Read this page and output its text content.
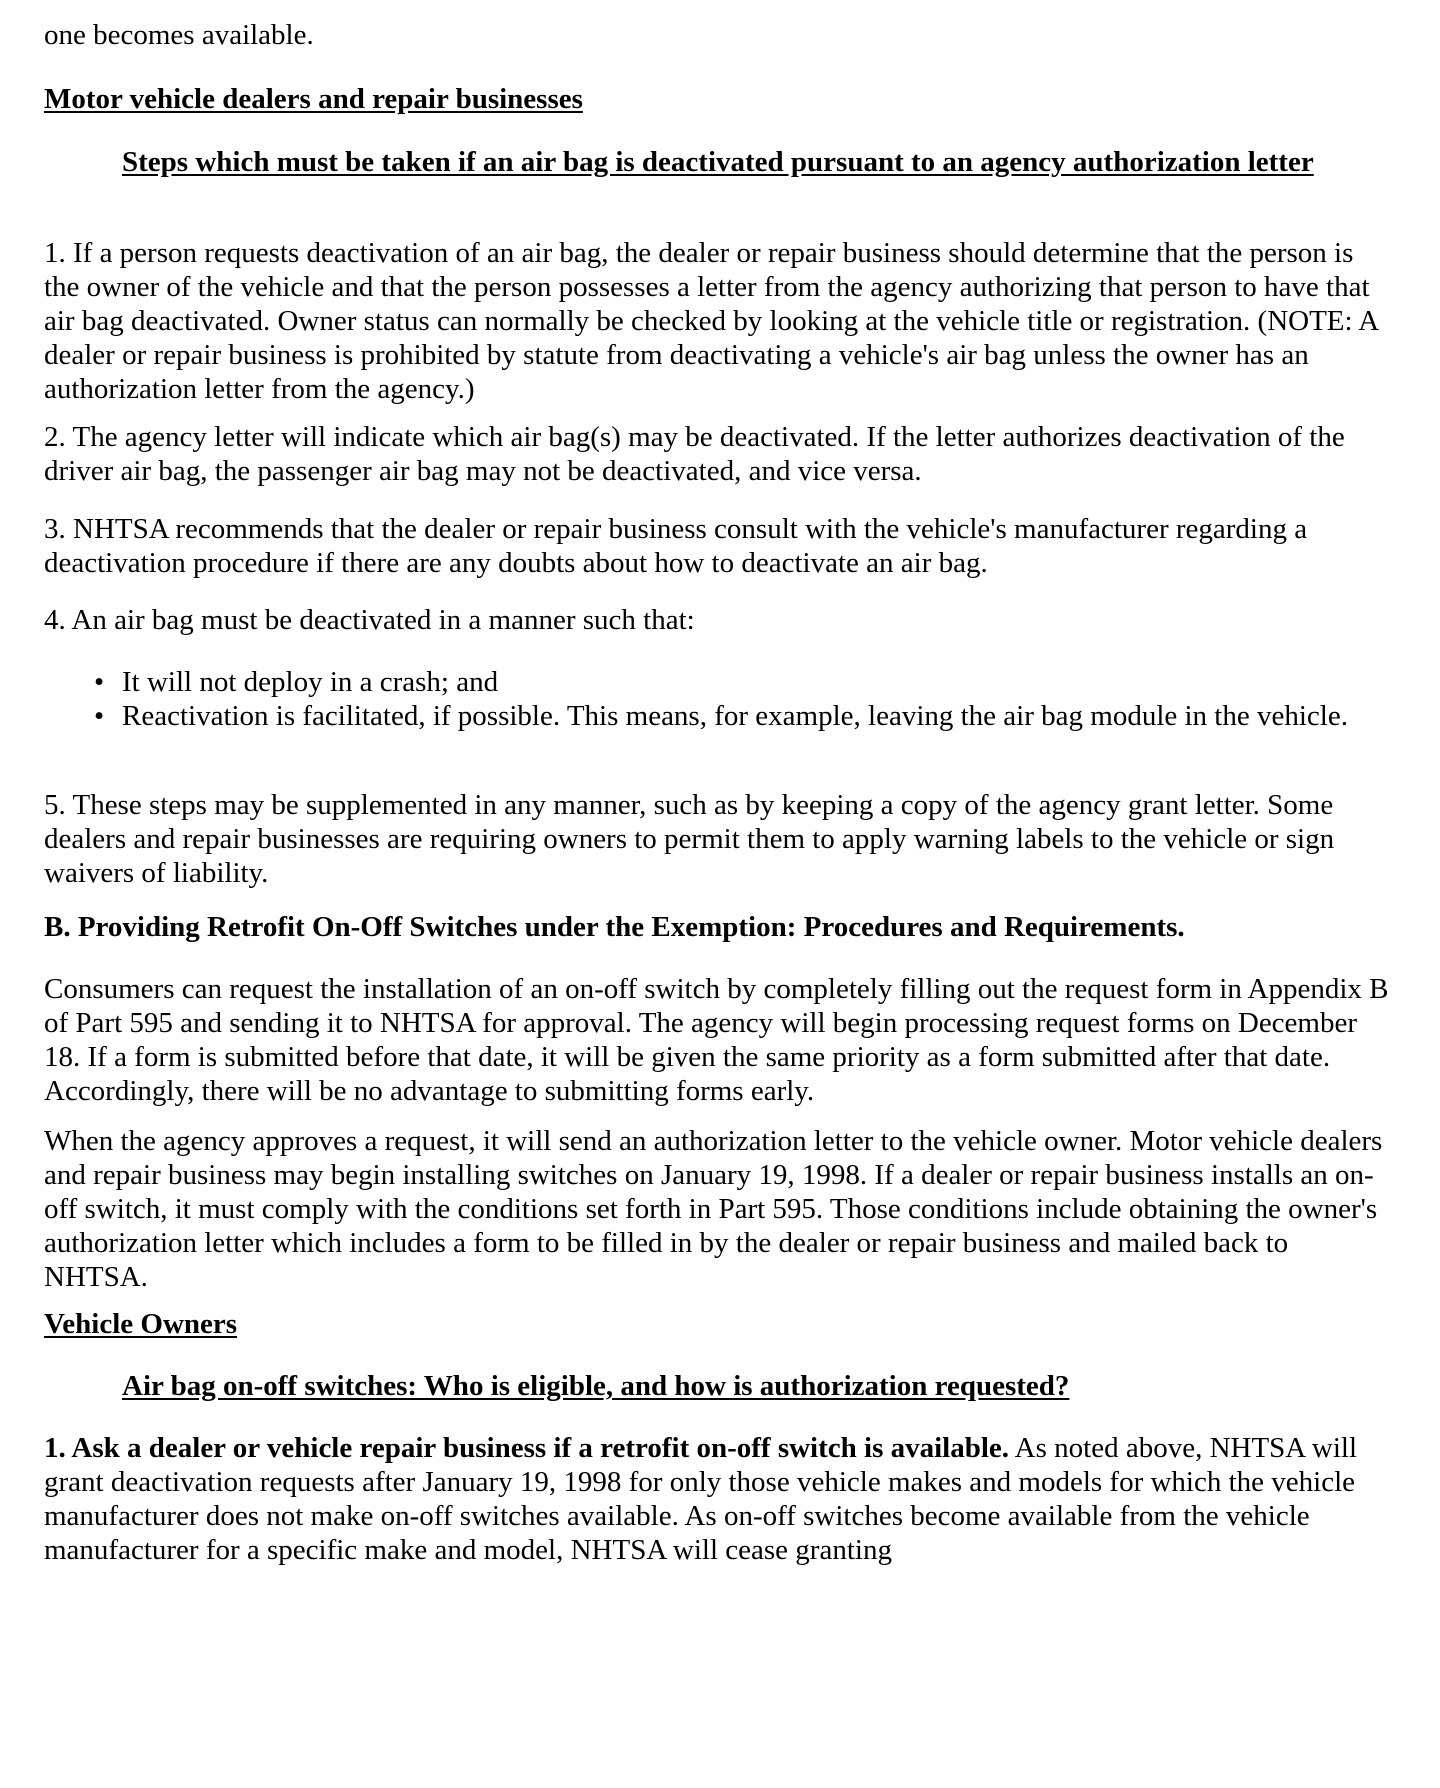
one becomes available.

Motor vehicle dealers and repair businesses

Steps which must be taken if an air bag is deactivated pursuant to an agency authorization letter

1. If a person requests deactivation of an air bag, the dealer or repair business should determine that the person is the owner of the vehicle and that the person possesses a letter from the agency authorizing that person to have that air bag deactivated. Owner status can normally be checked by looking at the vehicle title or registration. (NOTE: A dealer or repair business is prohibited by statute from deactivating a vehicle's air bag unless the owner has an authorization letter from the agency.)

2. The agency letter will indicate which air bag(s) may be deactivated. If the letter authorizes deactivation of the driver air bag, the passenger air bag may not be deactivated, and vice versa.

3. NHTSA recommends that the dealer or repair business consult with the vehicle's manufacturer regarding a deactivation procedure if there are any doubts about how to deactivate an air bag.

4. An air bag must be deactivated in a manner such that:

• It will not deploy in a crash; and
• Reactivation is facilitated, if possible. This means, for example, leaving the air bag module in the vehicle.

5. These steps may be supplemented in any manner, such as by keeping a copy of the agency grant letter. Some dealers and repair businesses are requiring owners to permit them to apply warning labels to the vehicle or sign waivers of liability.

B. Providing Retrofit On-Off Switches under the Exemption: Procedures and Requirements.

Consumers can request the installation of an on-off switch by completely filling out the request form in Appendix B of Part 595 and sending it to NHTSA for approval. The agency will begin processing request forms on December 18. If a form is submitted before that date, it will be given the same priority as a form submitted after that date. Accordingly, there will be no advantage to submitting forms early.

When the agency approves a request, it will send an authorization letter to the vehicle owner. Motor vehicle dealers and repair business may begin installing switches on January 19, 1998. If a dealer or repair business installs an on-off switch, it must comply with the conditions set forth in Part 595. Those conditions include obtaining the owner's authorization letter which includes a form to be filled in by the dealer or repair business and mailed back to NHTSA.

Vehicle Owners

Air bag on-off switches: Who is eligible, and how is authorization requested?

1. Ask a dealer or vehicle repair business if a retrofit on-off switch is available. As noted above, NHTSA will grant deactivation requests after January 19, 1998 for only those vehicle makes and models for which the vehicle manufacturer does not make on-off switches available. As on-off switches become available from the vehicle manufacturer for a specific make and model, NHTSA will cease granting
